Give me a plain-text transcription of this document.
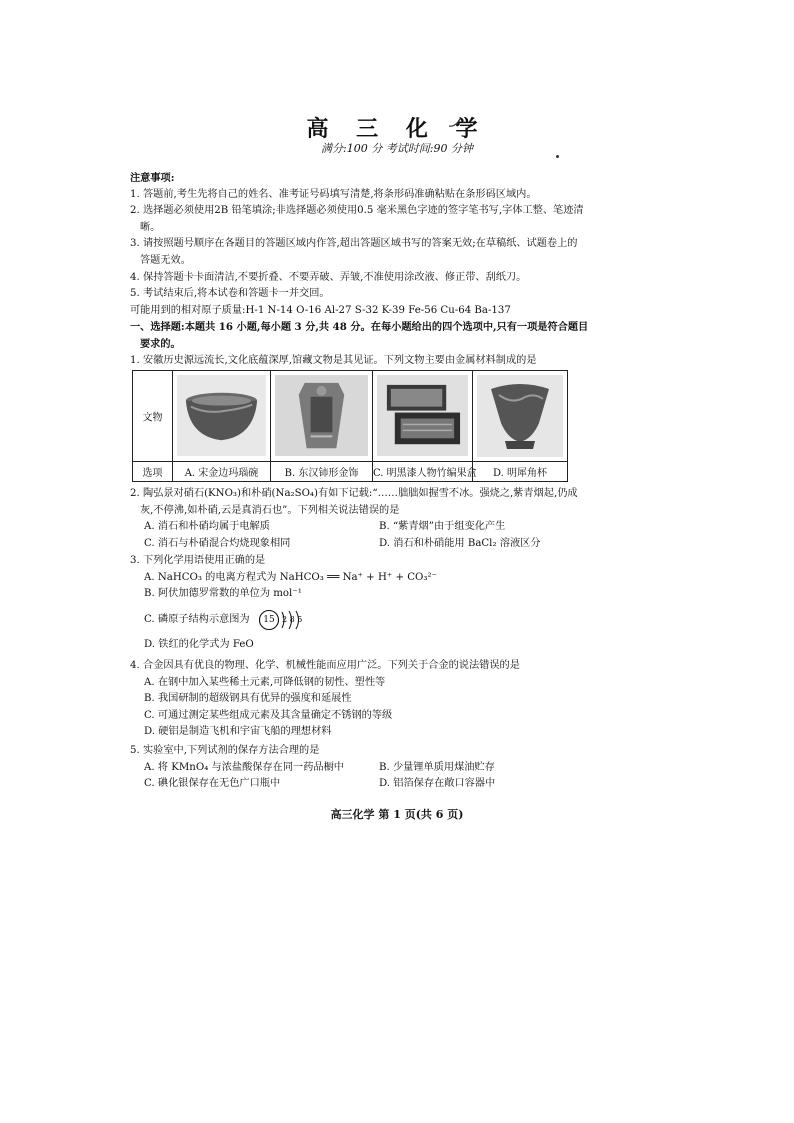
高 三 化 学
满分:100 分 考试时间:90 分钟
注意事项:
1. 答题前,考生先将自己的姓名、准考证号码填写清楚,将条形码准确粘贴在条形码区域内。
2. 选择题必须使用2B 铅笔填涂;非选择题必须使用0.5 毫米黑色字迹的签字笔书写,字体工整、笔迹清
晰。
3. 请按照题号顺序在各题目的答题区域内作答,超出答题区域书写的答案无效;在草稿纸、试题卷上的
答题无效。
4. 保持答题卡卡面清洁,不要折叠、不要弄破、弄皱,不准使用涂改液、修正带、刮纸刀。
5. 考试结束后,将本试卷和答题卡一并交回。
可能用到的相对原子质量:H-1 N-14 O-16 Al-27 S-32 K-39 Fe-56 Cu-64 Ba-137
一、选择题:本题共 16 小题,每小题 3 分,共 48 分。在每小题给出的四个选项中,只有一项是符合题目
要求的。
1. 安徽历史源远流长,文化底蕴深厚,馆藏文物是其见证。下列文物主要由金属材料制成的是
文物
选项	A. 宋金边玛瑙碗	B. 东汉铈形金饰	C. 明黑漆人物竹编果盒	D. 明犀角杯
2. 陶弘景对硝石(KNO₃)和朴硝(Na₂SO₄)有如下记载:“……朏朏如握雪不冰。强烧之,紫青烟起,仍成
灰,不停沸,如朴硝,云是真消石也”。下列相关说法错误的是
A. 消石和朴硝均属于电解质	B. “紫青烟”由于组变化产生
C. 消石与朴硝混合灼烧现象相同	D. 消石和朴硝能用 BaCl₂ 溶液区分
3. 下列化学用语使用正确的是
A. NaHCO₃ 的电离方程式为 NaHCO₃ ══ Na⁺ + H⁺ + CO₃²⁻
B. 阿伏加德罗常数的单位为 mol⁻¹
C. 磷原子结构示意图为 15 2 8 5
D. 铁红的化学式为 FeO
4. 合金因具有优良的物理、化学、机械性能而应用广泛。下列关于合金的说法错误的是
A. 在钢中加入某些稀土元素,可降低钢的韧性、塑性等
B. 我国研制的超级钢具有优异的强度和延展性
C. 可通过测定某些组成元素及其含量确定不锈钢的等级
D. 硬铝是制造飞机和宇宙飞船的理想材料
5. 实验室中,下列试剂的保存方法合理的是
A. 将 KMnO₄ 与浓盐酸保存在同一药品橱中	B. 少量锂单质用煤油贮存
C. 碘化银保存在无色广口瓶中	D. 铝箔保存在敞口容器中
高三化学 第 1 页(共 6 页)
